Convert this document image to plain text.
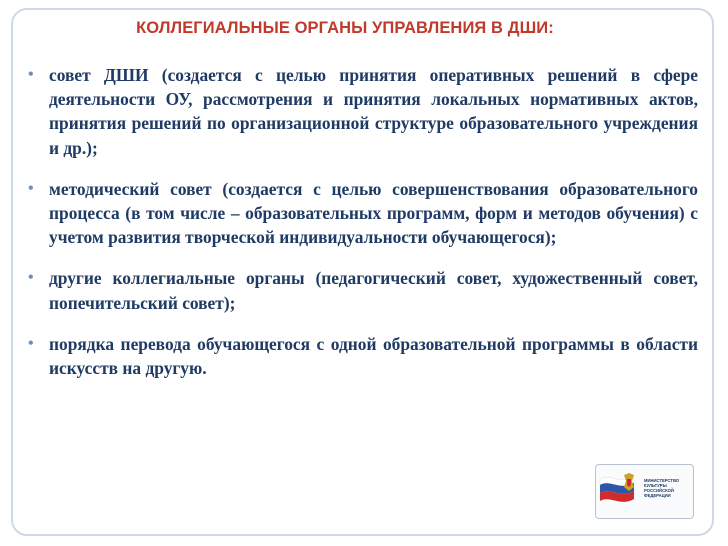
КОЛЛЕГИАЛЬНЫЕ ОРГАНЫ УПРАВЛЕНИЯ В ДШИ:
• совет ДШИ (создается с целью принятия оперативных решений в сфере деятельности ОУ, рассмотрения и принятия локальных нормативных актов, принятия решений по организационной структуре образовательного учреждения и др.);
• методический совет (создается с целью совершенствования образовательного процесса (в том числе – образовательных программ, форм и методов обучения) с учетом развития творческой индивидуальности обучающегося);
• другие коллегиальные органы (педагогический совет, художественный совет, попечительский совет);
• порядка перевода обучающегося с одной образовательной программы в области искусств на другую.
МИНИСТЕРСТВО КУЛЬТУРЫ РОССИЙСКОЙ ФЕДЕРАЦИИ
